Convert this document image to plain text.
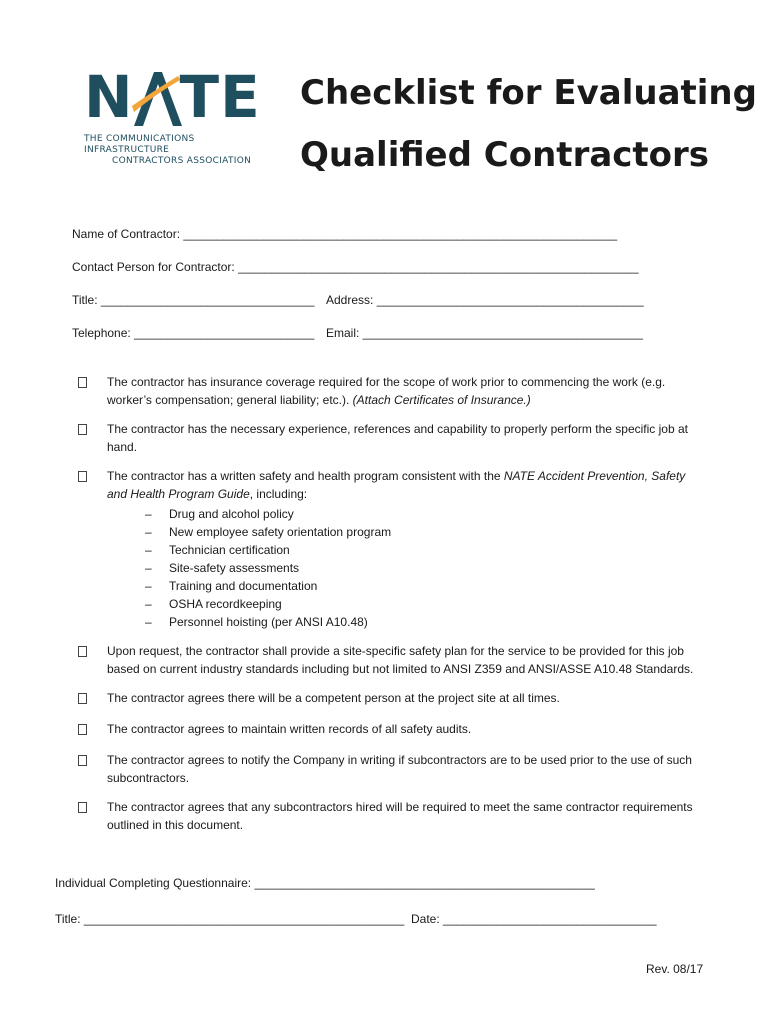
N TE
THE COMMUNICATIONS INFRASTRUCTURE
CONTRACTORS ASSOCIATION
Checklist for Evaluating
Qualified Contractors
Name of Contractor: _________________________________________________________________
Contact Person for Contractor: ____________________________________________________________
Title: ________________________________ Address: ________________________________________
Telephone: ___________________________ Email: __________________________________________
The contractor has insurance coverage required for the scope of work prior to commencing the work (e.g. worker’s compensation; general liability; etc.). (Attach Certificates of Insurance.)
The contractor has the necessary experience, references and capability to properly perform the specific job at hand.
The contractor has a written safety and health program consistent with the NATE Accident Prevention, Safety and Health Program Guide, including:
– Drug and alcohol policy
– New employee safety orientation program
– Technician certification
– Site-safety assessments
– Training and documentation
– OSHA recordkeeping
– Personnel hoisting (per ANSI A10.48)
Upon request, the contractor shall provide a site-specific safety plan for the service to be provided for this job based on current industry standards including but not limited to ANSI Z359 and ANSI/ASSE A10.48 Standards.
The contractor agrees there will be a competent person at the project site at all times.
The contractor agrees to maintain written records of all safety audits.
The contractor agrees to notify the Company in writing if subcontractors are to be used prior to the use of such subcontractors.
The contractor agrees that any subcontractors hired will be required to meet the same contractor requirements outlined in this document.
Individual Completing Questionnaire: ___________________________________________________
Title: ________________________________________________ Date: ________________________________
Rev. 08/17
